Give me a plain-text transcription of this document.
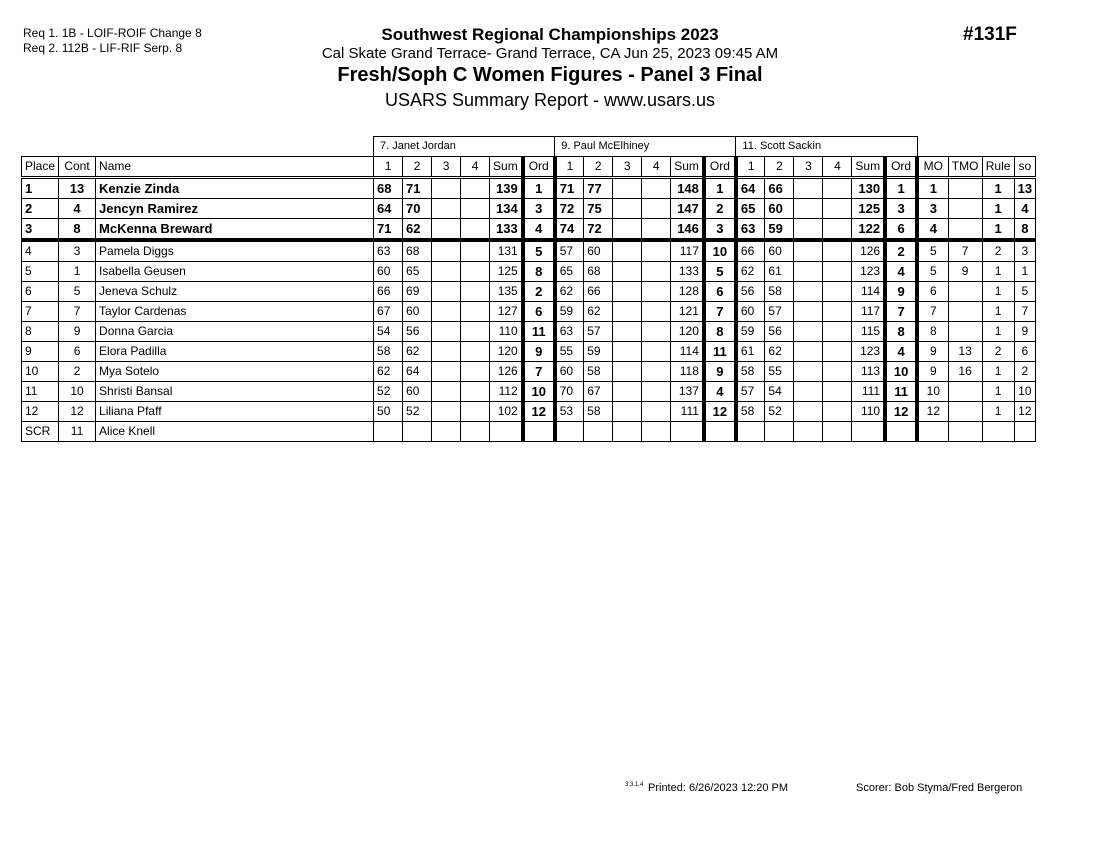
Req 1. 1B - LOIF-ROIF Change 8
Req 2. 112B - LIF-RIF Serp. 8
Southwest Regional Championships 2023
Cal Skate Grand Terrace- Grand Terrace, CA Jun 25, 2023 09:45 AM
Fresh/Soph C Women Figures - Panel 3 Final
USARS Summary Report - www.usars.us
#131F
			7. Janet Jordan						9. Paul McElhiney						11. Scott Sackin									
Place	Cont	Name	1	2	3	4	Sum	Ord	1	2	3	4	Sum	Ord	1	2	3	4	Sum	Ord	MO	TMO	Rule	so
1	13	Kenzie Zinda	68	71			139	1	71	77			148	1	64	66			130	1	1		1	13
2	4	Jencyn Ramirez	64	70			134	3	72	75			147	2	65	60			125	3	3		1	4
3	8	McKenna Breward	71	62			133	4	74	72			146	3	63	59			122	6	4		1	8
4	3	Pamela Diggs	63	68			131	5	57	60			117	10	66	60			126	2	5	7	2	3
5	1	Isabella Geusen	60	65			125	8	65	68			133	5	62	61			123	4	5	9	1	1
6	5	Jeneva Schulz	66	69			135	2	62	66			128	6	56	58			114	9	6		1	5
7	7	Taylor Cardenas	67	60			127	6	59	62			121	7	60	57			117	7	7		1	7
8	9	Donna Garcia	54	56			110	11	63	57			120	8	59	56			115	8	8		1	9
9	6	Elora Padilla	58	62			120	9	55	59			114	11	61	62			123	4	9	13	2	6
10	2	Mya Sotelo	62	64			126	7	60	58			118	9	58	55			113	10	9	16	1	2
11	10	Shristi Bansal	52	60			112	10	70	67			137	4	57	54			111	11	10		1	10
12	12	Liliana Pfaff	50	52			102	12	53	58			111	12	58	52			110	12	12		1	12
SCR	11	Alice Knell																						
3.3.1.4 Printed: 6/26/2023 12:20 PM	Scorer: Bob Styma/Fred Bergeron
